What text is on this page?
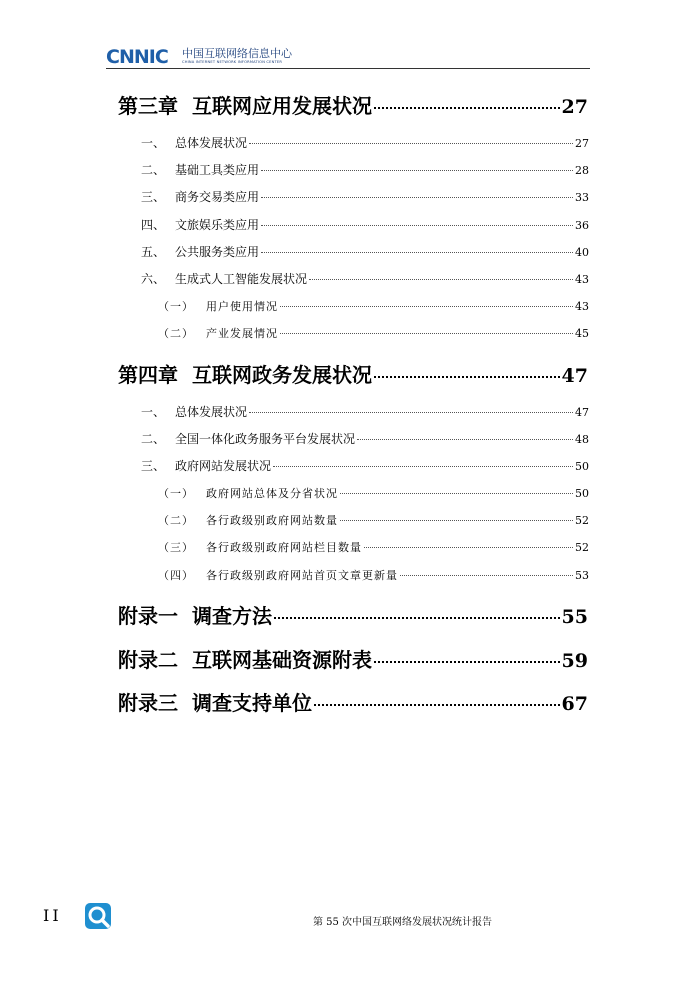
CNNIC 中国互联网络信息中心
CHINA INTERNET NETWORK INFORMATION CENTER
第三章 互联网应用发展状况	27
一、 总体发展状况	27
二、 基础工具类应用	28
三、 商务交易类应用	33
四、 文旅娱乐类应用	36
五、 公共服务类应用	40
六、 生成式人工智能发展状况	43
（一） 用户使用情况	43
（二） 产业发展情况	45
第四章 互联网政务发展状况	47
一、 总体发展状况	47
二、 全国一体化政务服务平台发展状况	48
三、 政府网站发展状况	50
（一） 政府网站总体及分省状况	50
（二） 各行政级别政府网站数量	52
（三） 各行政级别政府网站栏目数量	52
（四） 各行政级别政府网站首页文章更新量	53
附录一 调查方法	55
附录二 互联网基础资源附表	59
附录三 调查支持单位	67
II	第 55 次中国互联网络发展状况统计报告
